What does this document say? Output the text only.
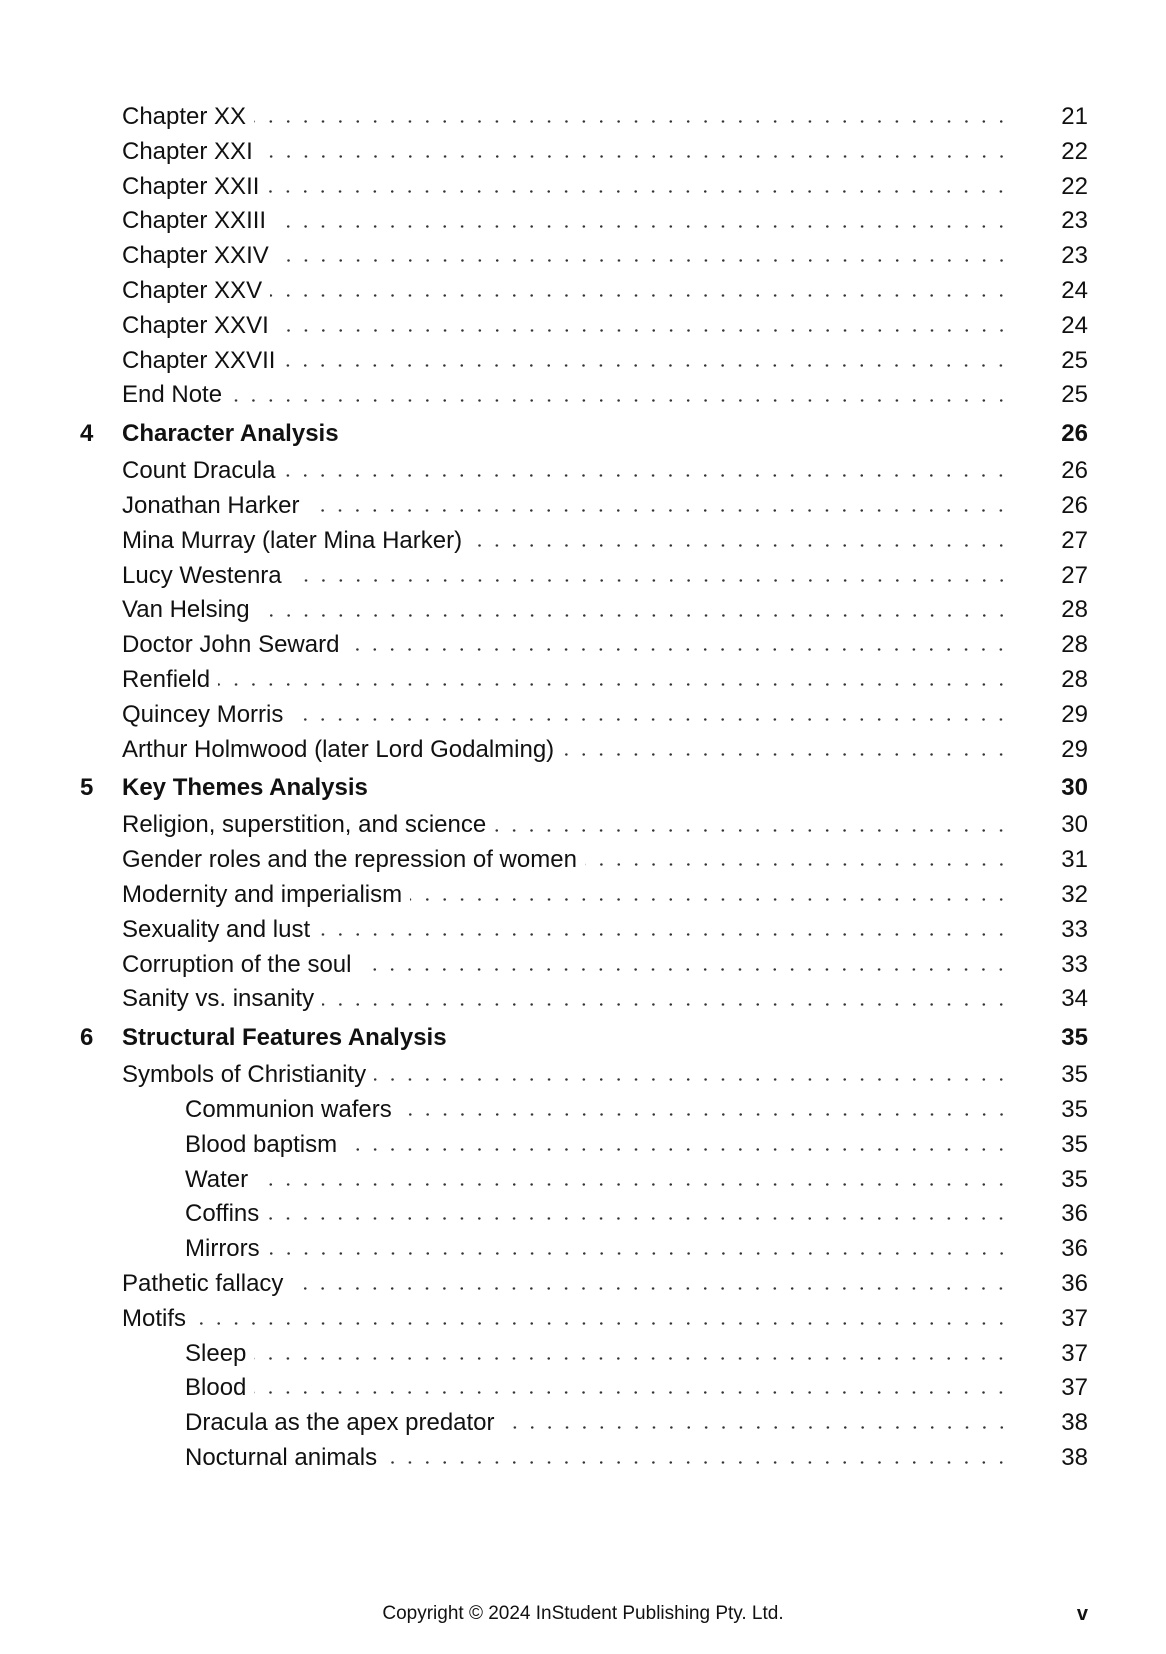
Chapter XX	21
Chapter XXI	22
Chapter XXII	22
Chapter XXIII	23
Chapter XXIV	23
Chapter XXV	24
Chapter XXVI	24
Chapter XXVII	25
End Note	25
4 Character Analysis	26
Count Dracula	26
Jonathan Harker	26
Mina Murray (later Mina Harker)	27
Lucy Westenra	27
Van Helsing	28
Doctor John Seward	28
Renfield	28
Quincey Morris	29
Arthur Holmwood (later Lord Godalming)	29
5 Key Themes Analysis	30
Religion, superstition, and science	30
Gender roles and the repression of women	31
Modernity and imperialism	32
Sexuality and lust	33
Corruption of the soul	33
Sanity vs. insanity	34
6 Structural Features Analysis	35
Symbols of Christianity	35
Communion wafers	35
Blood baptism	35
Water	35
Coffins	36
Mirrors	36
Pathetic fallacy	36
Motifs	37
Sleep	37
Blood	37
Dracula as the apex predator	38
Nocturnal animals	38
Copyright © 2024 InStudent Publishing Pty. Ltd.	v
